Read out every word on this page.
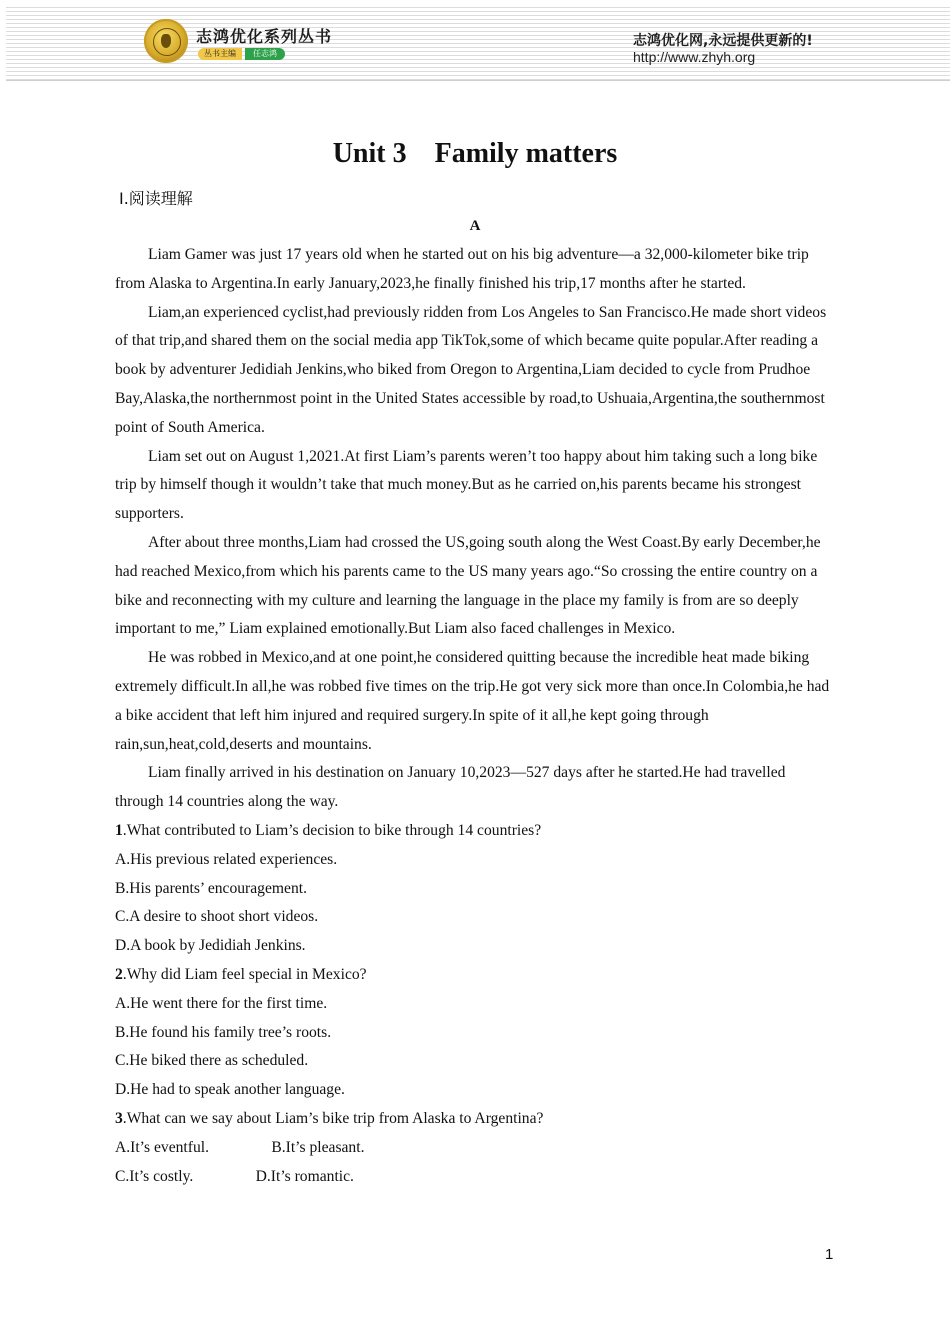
志鸿优化系列丛书
丛书主编	任志鸿
志鸿优化网,永远提供更新的!
http://www.zhyh.org
Unit 3    Family matters
Ⅰ.阅读理解
A

Liam Gamer was just 17 years old when he started out on his big adventure—a 32,000-kilometer bike trip from Alaska to Argentina.In early January,2023,he finally finished his trip,17 months after he started.

Liam,an experienced cyclist,had previously ridden from Los Angeles to San Francisco.He made short videos of that trip,and shared them on the social media app TikTok,some of which became quite popular.After reading a book by adventurer Jedidiah Jenkins,who biked from Oregon to Argentina,Liam decided to cycle from Prudhoe Bay,Alaska,the northernmost point in the United States accessible by road,to Ushuaia,Argentina,the southernmost point of South America.

Liam set out on August 1,2021.At first Liam’s parents weren’t too happy about him taking such a long bike trip by himself though it wouldn’t take that much money.But as he carried on,his parents became his strongest supporters.

After about three months,Liam had crossed the US,going south along the West Coast.By early December,he had reached Mexico,from which his parents came to the US many years ago.“So crossing the entire country on a bike and reconnecting with my culture and learning the language in the place my family is from are so deeply important to me,” Liam explained emotionally.But Liam also faced challenges in Mexico.

He was robbed in Mexico,and at one point,he considered quitting because the incredible heat made biking extremely difficult.In all,he was robbed five times on the trip.He got very sick more than once.In Colombia,he had a bike accident that left him injured and required surgery.In spite of it all,he kept going through rain,sun,heat,cold,deserts and mountains.

Liam finally arrived in his destination on January 10,2023—527 days after he started.He had travelled through 14 countries along the way.

1.What contributed to Liam’s decision to bike through 14 countries?
A.His previous related experiences.
B.His parents’ encouragement.
C.A desire to shoot short videos.
D.A book by Jedidiah Jenkins.
2.Why did Liam feel special in Mexico?
A.He went there for the first time.
B.He found his family tree’s roots.
C.He biked there as scheduled.
D.He had to speak another language.
3.What can we say about Liam’s bike trip from Alaska to Argentina?
A.It’s eventful.                B.It’s pleasant.
C.It’s costly.                D.It’s romantic.
1
